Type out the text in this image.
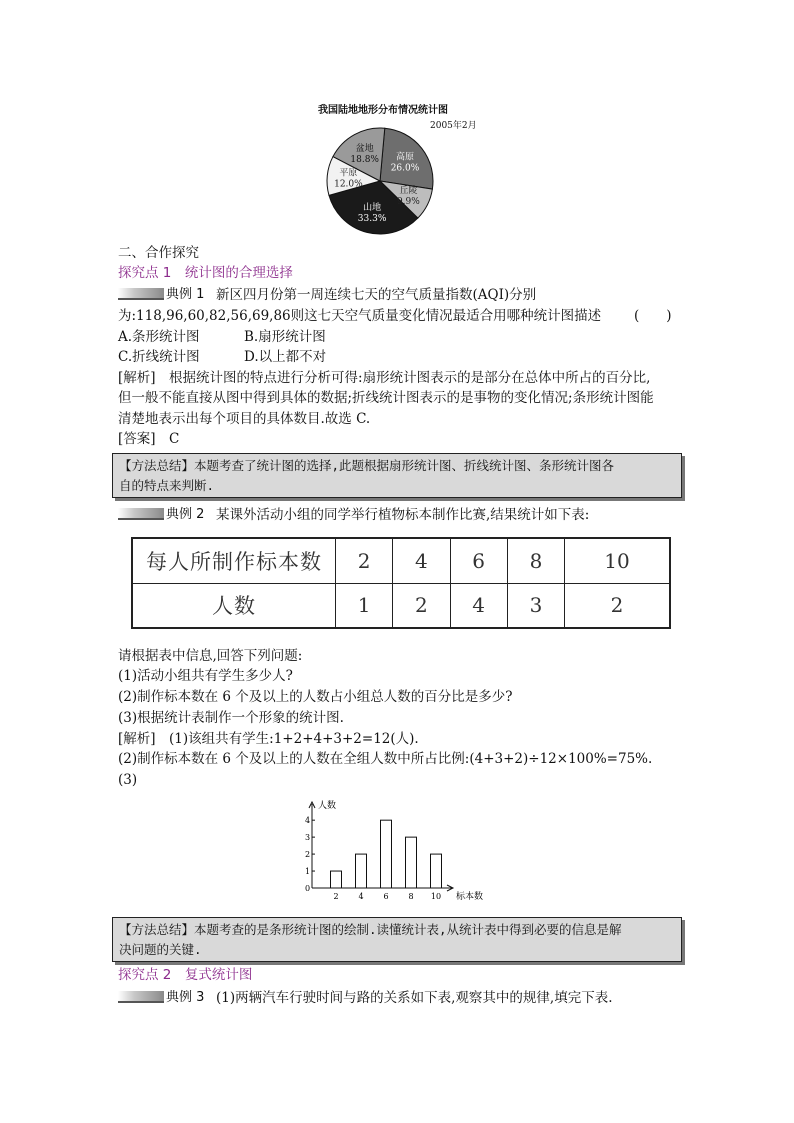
我国陆地地形分布情况统计图
2005年2月
高原
26.0%
丘陵
9.9%
山地
33.3%
平原
12.0%
盆地
18.8%
二、合作探究
探究点 1　统计图的合理选择
典例 1 新区四月份第一周连续七天的空气质量指数(AQI)分别
为:118,96,60,82,56,69,86则这七天空气质量变化情况最适合用哪种统计图描述 (　　)
A.条形统计图	B.扇形统计图
C.折线统计图	D.以上都不对
[解析]　根据统计图的特点进行分析可得:扇形统计图表示的是部分在总体中所占的百分比,
但一般不能直接从图中得到具体的数据;折线统计图表示的是事物的变化情况;条形统计图能
清楚地表示出每个项目的具体数目.故选 C.
[答案]　C
【方法总结】本题考查了统计图的选择,此题根据扇形统计图、折线统计图、条形统计图各
自的特点来判断.
典例 2 某课外活动小组的同学举行植物标本制作比赛,结果统计如下表:
每人所制作标本数	2	4	6	8	10
人数	1	2	4	3	2
请根据表中信息,回答下列问题:
(1)活动小组共有学生多少人?
(2)制作标本数在 6 个及以上的人数占小组总人数的百分比是多少?
(3)根据统计表制作一个形象的统计图.
[解析]　(1)该组共有学生:1+2+4+3+2=12(人).
(2)制作标本数在 6 个及以上的人数在全组人数中所占比例:(4+3+2)÷12×100%=75%.
(3)
人数
标本数
0
1
2
3
4
2 4 6 8 10
【方法总结】本题考查的是条形统计图的绘制.读懂统计表,从统计表中得到必要的信息是解
决问题的关键.
探究点 2　复式统计图
典例 3 (1)两辆汽车行驶时间与路的关系如下表,观察其中的规律,填完下表.
